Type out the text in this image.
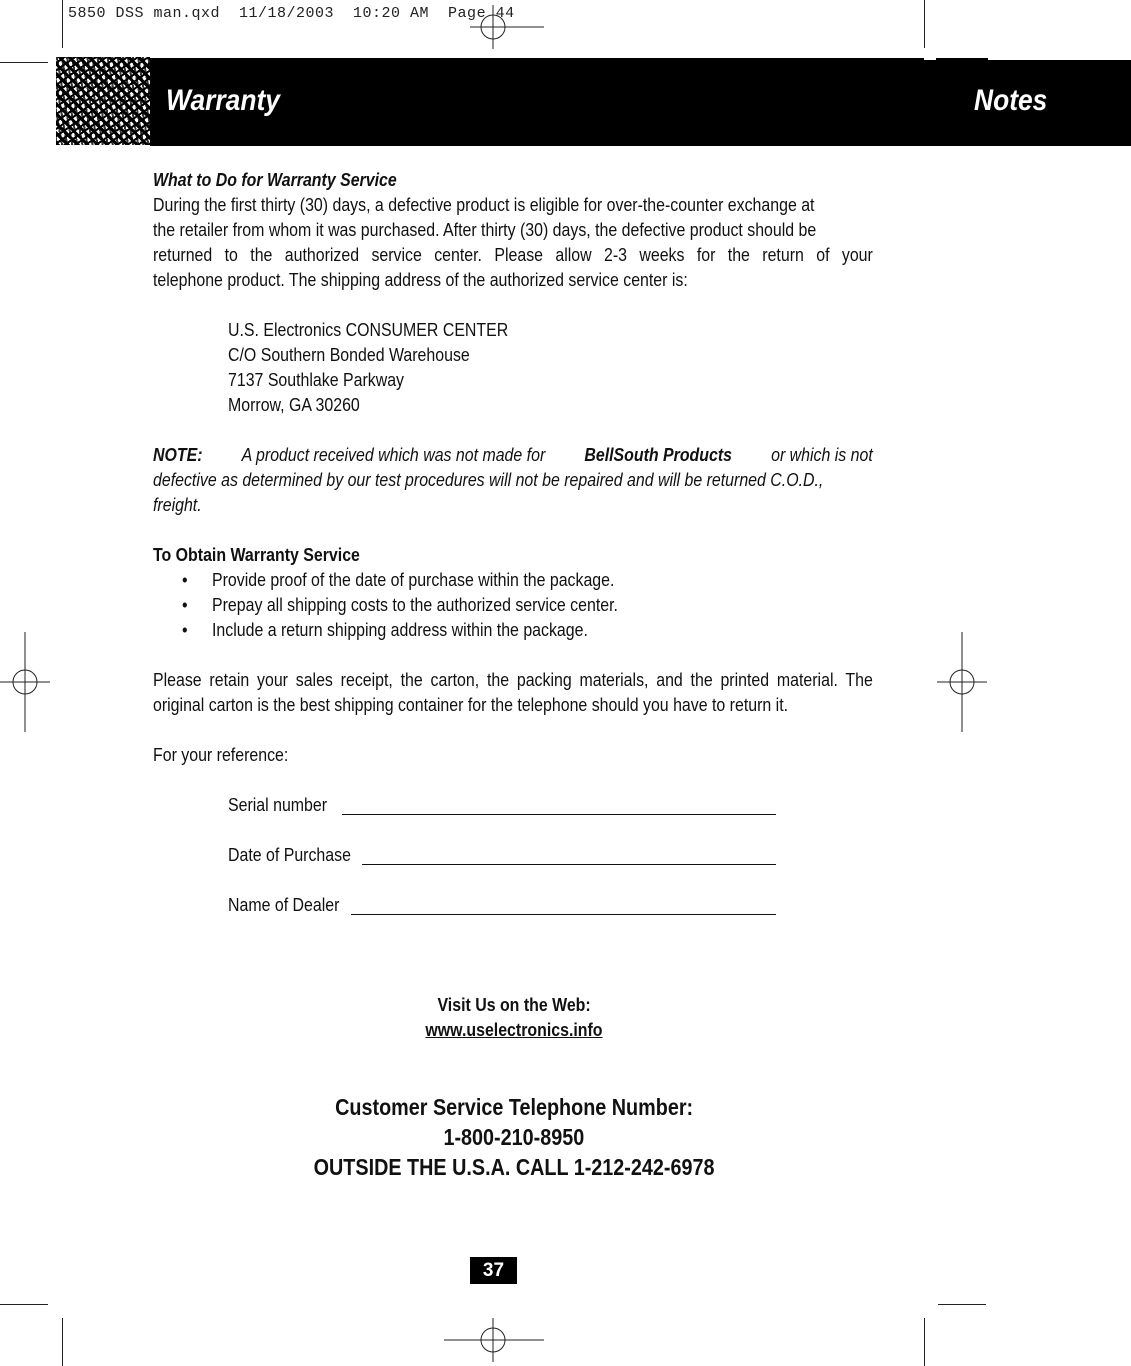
5850 DSS man.qxd  11/18/2003  10:20 AM  Page 44
Warranty	Notes
What to Do for Warranty Service
During the first thirty (30) days, a defective product is eligible for over-the-counter exchange at
the retailer from whom it was purchased. After thirty (30) days, the defective product should be
returned to the authorized service center. Please allow 2-3 weeks for the return of your
telephone product. The shipping address of the authorized service center is:
U.S. Electronics CONSUMER CENTER
C/O Southern Bonded Warehouse
7137 Southlake Parkway
Morrow, GA 30260
NOTE: A product received which was not made for BellSouth Products or which is not
defective as determined by our test procedures will not be repaired and will be returned C.O.D.,
freight.
To Obtain Warranty Service
• Provide proof of the date of purchase within the package.
• Prepay all shipping costs to the authorized service center.
• Include a return shipping address within the package.
Please retain your sales receipt, the carton, the packing materials, and the printed material. The
original carton is the best shipping container for the telephone should you have to return it.
For your reference:
Serial number
Date of Purchase
Name of Dealer
Visit Us on the Web:
www.uselectronics.info
Customer Service Telephone Number:
1-800-210-8950
OUTSIDE THE U.S.A. CALL 1-212-242-6978
37
